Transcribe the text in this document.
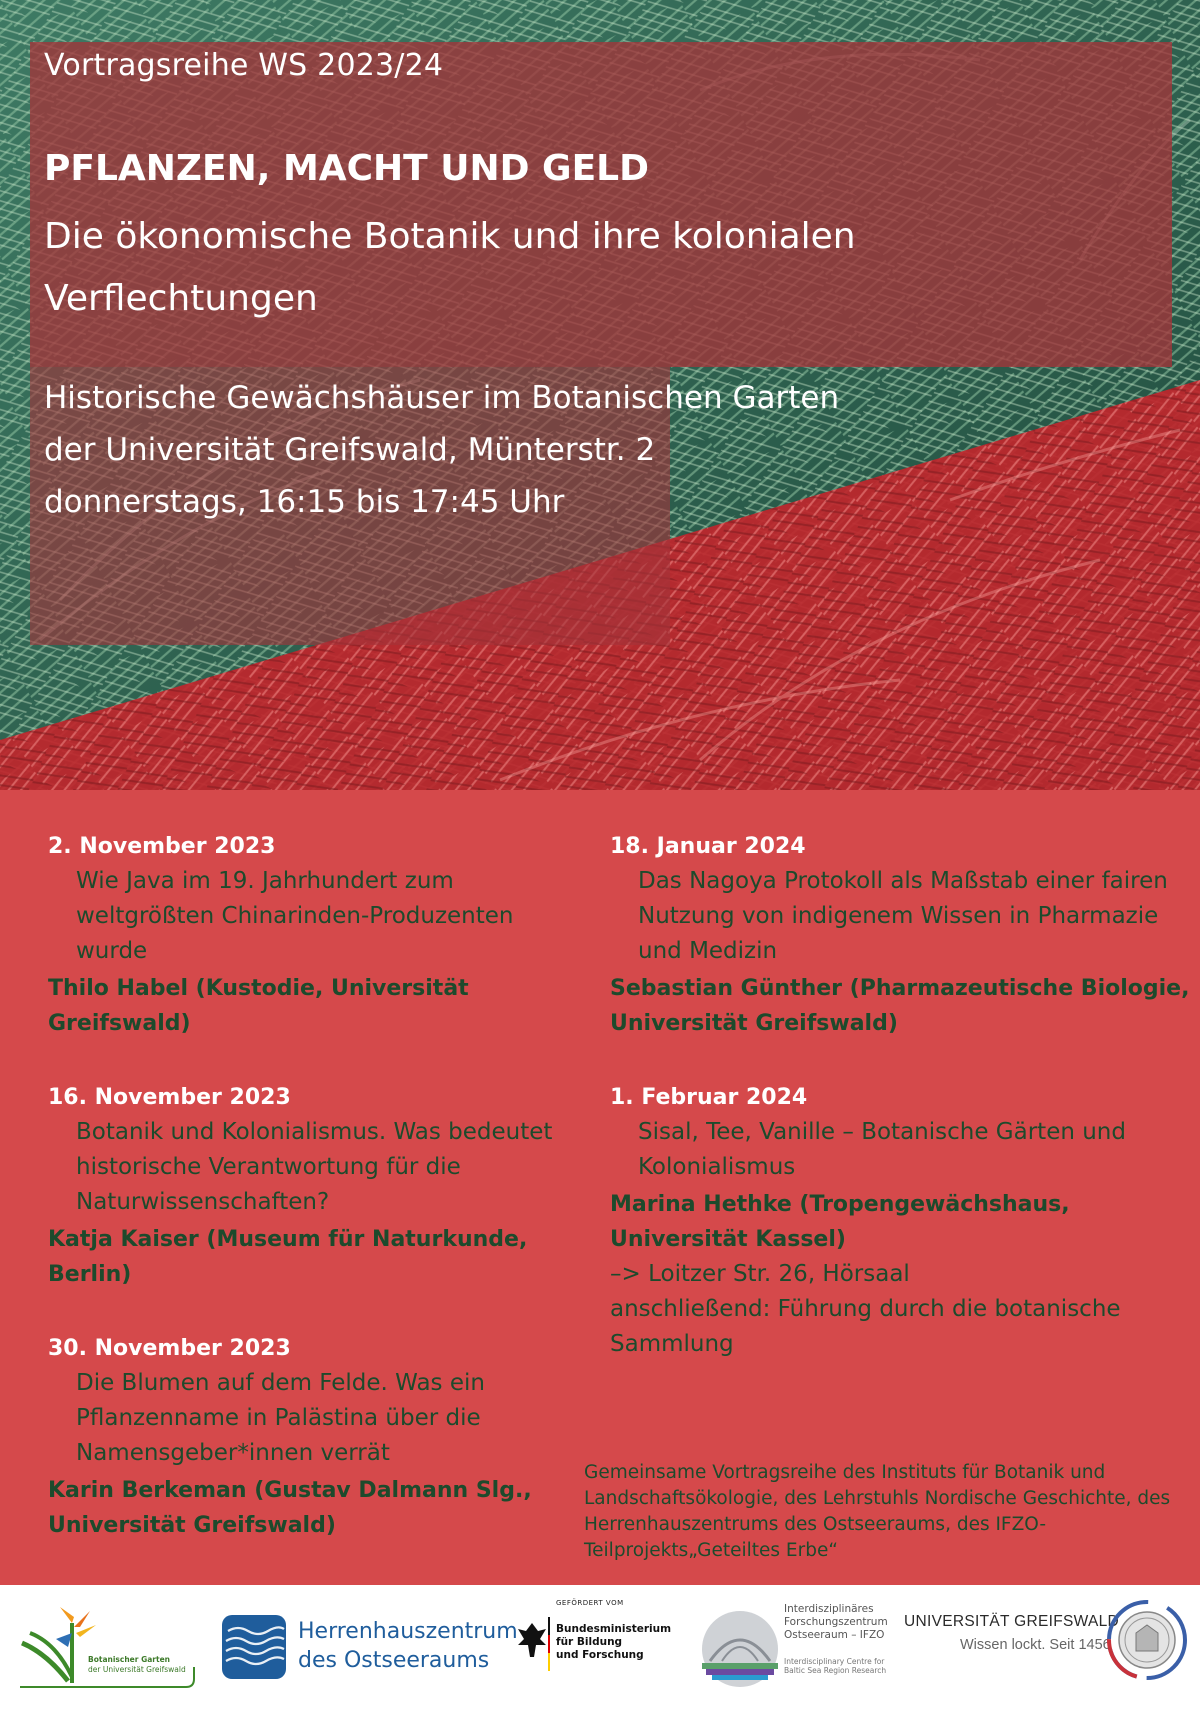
Vortragsreihe WS 2023/24
PFLANZEN, MACHT UND GELD

Die ökonomische Botanik und ihre kolonialen Verflechtungen

Historische Gewächshäuser im Botanischen Garten
der Universität Greifswald, Münterstr. 2
donnerstags, 16:15 bis 17:45 Uhr
2. November 2023
Wie Java im 19. Jahrhundert zum weltgrößten Chinarinden-Produzenten wurde
Thilo Habel (Kustodie, Universität Greifswald)
16. November 2023
Botanik und Kolonialismus. Was bedeutet historische Verantwortung für die Naturwissenschaften?
Katja Kaiser (Museum für Naturkunde, Berlin)
30. November 2023
Die Blumen auf dem Felde. Was ein Pflanzenname in Palästina über die Namensgeber*innen verrät
Karin Berkeman (Gustav Dalmann Slg., Universität Greifswald)
18. Januar 2024
Das Nagoya Protokoll als Maßstab einer fairen Nutzung von indigenem Wissen in Pharmazie und Medizin
Sebastian Günther (Pharmazeutische Biologie, Universität Greifswald)
1. Februar 2024
Sisal, Tee, Vanille – Botanische Gärten und Kolonialismus
Marina Hethke (Tropengewächshaus, Universität Kassel)
–> Loitzer Str. 26, Hörsaal
anschließend: Führung durch die botanische Sammlung
Gemeinsame Vortragsreihe des Instituts für Botanik und Landschaftsökologie, des Lehrstuhls Nordische Geschichte, des Herrenhauszentrums des Ostseeraums, des IFZO-Teilprojekts„Geteiltes Erbe“
Botanischer Garten
der Universität Greifswald
Herrenhauszentrum
des Ostseeraums
GEFÖRDERT VOM
Bundesministerium
für Bildung
und Forschung
Interdisziplinäres
Forschungszentrum
Ostseeraum – IFZO
Interdisciplinary Centre for
Baltic Sea Region Research
UNIVERSITÄT GREIFSWALD
Wissen lockt. Seit 1456
